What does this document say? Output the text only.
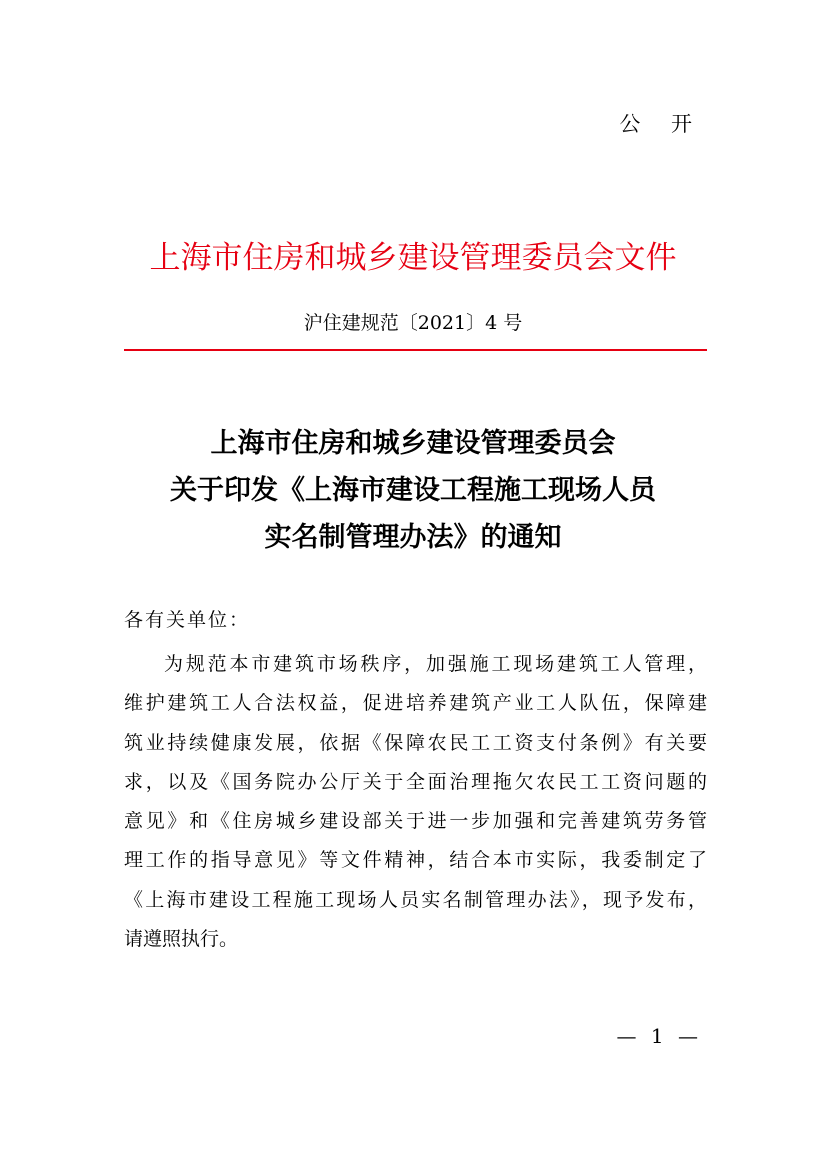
公 开
上海市住房和城乡建设管理委员会文件
沪住建规范〔2021〕4 号
上海市住房和城乡建设管理委员会
关于印发《上海市建设工程施工现场人员
实名制管理办法》的通知
各有关单位：
为规范本市建筑市场秩序，加强施工现场建筑工人管理，
维护建筑工人合法权益，促进培养建筑产业工人队伍，保障建
筑业持续健康发展，依据《保障农民工工资支付条例》有关要
求，以及《国务院办公厅关于全面治理拖欠农民工工资问题的
意见》和《住房城乡建设部关于进一步加强和完善建筑劳务管
理工作的指导意见》等文件精神，结合本市实际，我委制定了
《上海市建设工程施工现场人员实名制管理办法》，现予发布，
请遵照执行。
— 1 —
